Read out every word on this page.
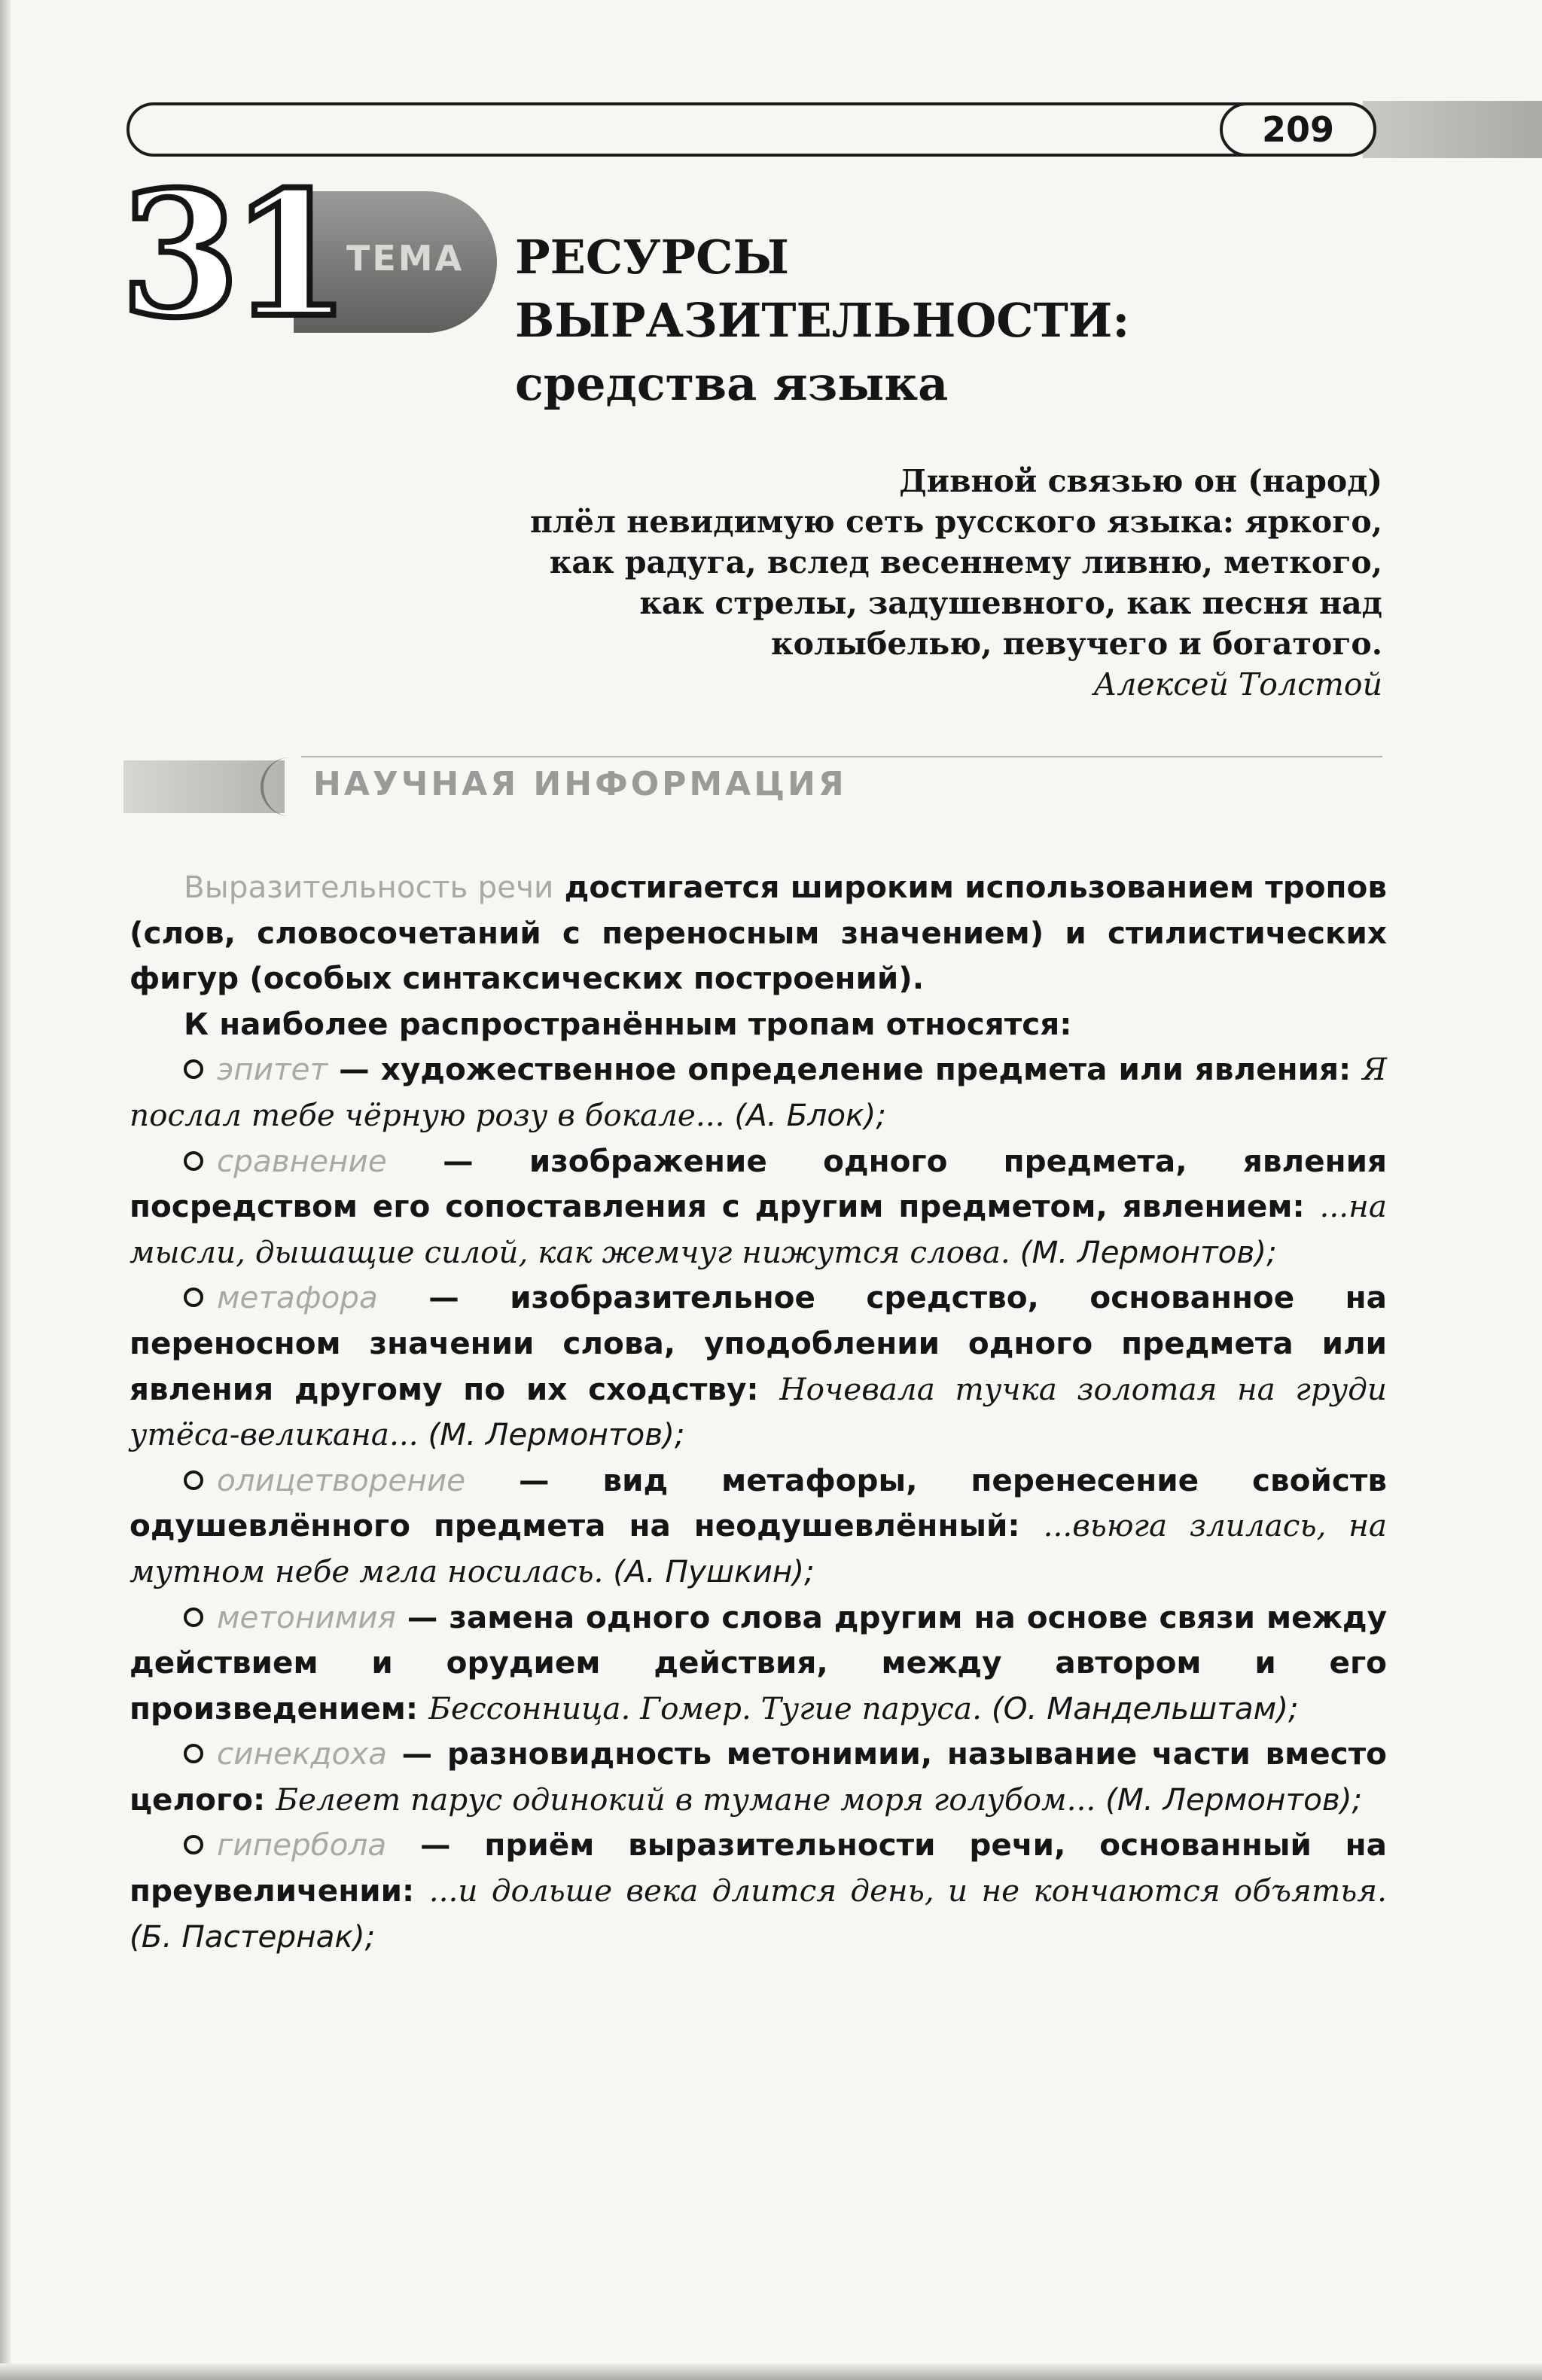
209
ТЕМА
31	РЕСУРСЫ
ВЫРАЗИТЕЛЬНОСТИ:
средства языка
Дивной связью он (народ)
плёл невидимую сеть русского языка: яркого,
как радуга, вслед весеннему ливню, меткого,
как стрелы, задушевного, как песня над
колыбелью, певучего и богатого.
Алексей Толстой
НАУЧНАЯ ИНФОРМАЦИЯ

Выразительность речи достигается широким использованием тропов (слов, словосочетаний с переносным значением) и стилистических фигур (особых синтаксических построений).

К наиболее распространённым тропам относятся:

эпитет — художественное определение предмета или явления: Я послал тебе чёрную розу в бокале... (А. Блок);

сравнение — изображение одного предмета, явления посредством его сопоставления с другим предметом, явлением: ...на мысли, дышащие силой, как жемчуг нижутся слова. (М. Лермонтов);

метафора — изобразительное средство, основанное на переносном значении слова, уподоблении одного предмета или явления другому по их сходству: Ночевала тучка золотая на груди утёса-великана... (М. Лермонтов);

олицетворение — вид метафоры, перенесение свойств одушевлённого предмета на неодушевлённый: ...вьюга злилась, на мутном небе мгла носилась. (А. Пушкин);

метонимия — замена одного слова другим на основе связи между действием и орудием действия, между автором и его произведением: Бессонница. Гомер. Тугие паруса. (О. Мандельштам);

синекдоха — разновидность метонимии, называние части вместо целого: Белеет парус одинокий в тумане моря голубом... (М. Лермонтов);

гипербола — приём выразительности речи, основанный на преувеличении: ...и дольше века длится день, и не кончаются объятья. (Б. Пастернак);
